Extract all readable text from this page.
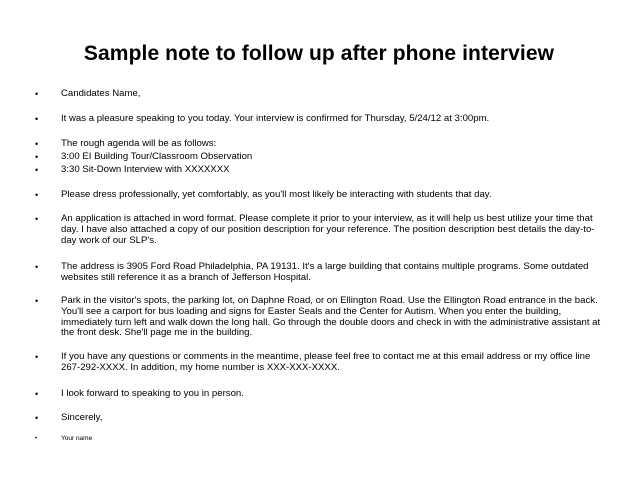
Sample note to follow up after phone interview
• Candidates Name,
• It was a pleasure speaking to you today. Your interview is confirmed for Thursday, 5/24/12 at 3:00pm.
• The rough agenda will be as follows:
• 3:00 EI Building Tour/Classroom Observation
• 3:30 Sit-Down Interview with XXXXXXX
• Please dress professionally, yet comfortably, as you'll most likely be interacting with students that day.
• An application is attached in word format. Please complete it prior to your interview, as it will help us best utilize your time that day. I have also attached a copy of our position description for your reference. The position description best details the day-to-day work of our SLP's.
• The address is 3905 Ford Road Philadelphia, PA 19131. It's a large building that contains multiple programs. Some outdated websites still reference it as a branch of Jefferson Hospital.
• Park in the visitor's spots, the parking lot, on Daphne Road, or on Ellington Road. Use the Ellington Road entrance in the back. You'll see a carport for bus loading and signs for Easter Seals and the Center for Autism. When you enter the building, immediately turn left and walk down the long hall. Go through the double doors and check in with the administrative assistant at the front desk. She'll page me in the building.
• If you have any questions or comments in the meantime, please feel free to contact me at this email address or my office line 267-292-XXXX. In addition, my home number is XXX-XXX-XXXX.
• I look forward to speaking to you in person.
• Sincerely,
•	Your name
